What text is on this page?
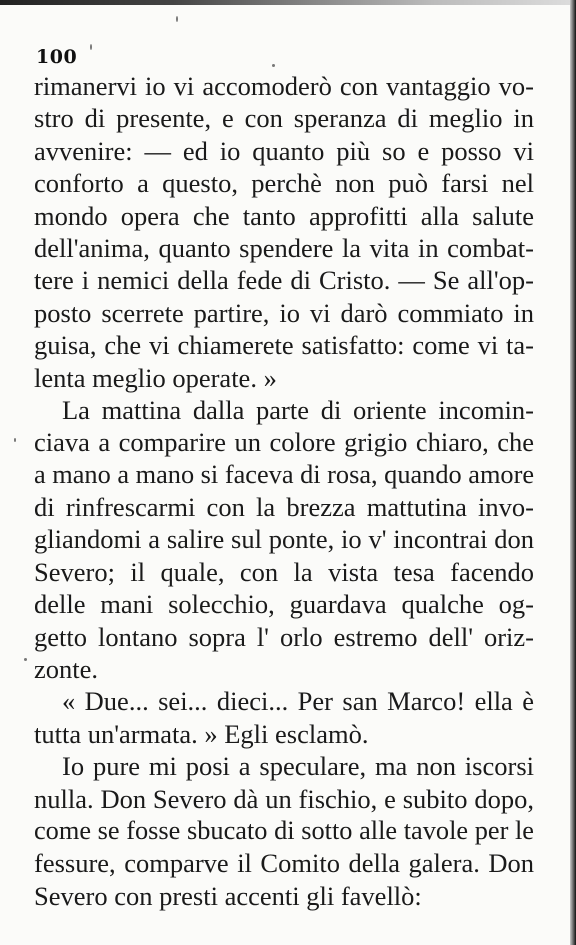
100
rimanervi io vi accomoderò con vantaggio vo-
stro di presente, e con speranza di meglio in
avvenire: — ed io quanto più so e posso vi
conforto a questo, perchè non può farsi nel
mondo opera che tanto approfitti alla salute
dell'anima, quanto spendere la vita in combat-
tere i nemici della fede di Cristo. — Se all'op-
posto scerrete partire, io vi darò commiato in
guisa, che vi chiamerete satisfatto: come vi ta-
lenta meglio operate. »
La mattina dalla parte di oriente incomin-
ciava a comparire un colore grigio chiaro, che
a mano a mano si faceva di rosa, quando amore
di rinfrescarmi con la brezza mattutina invo-
gliandomi a salire sul ponte, io v' incontrai don
Severo; il quale, con la vista tesa facendo
delle mani solecchio, guardava qualche og-
getto lontano sopra l' orlo estremo dell' oriz-
zonte.
« Due... sei... dieci... Per san Marco! ella è
tutta un'armata. » Egli esclamò.
Io pure mi posi a speculare, ma non iscorsi
nulla. Don Severo dà un fischio, e subito dopo,
come se fosse sbucato di sotto alle tavole per le
fessure, comparve il Comito della galera. Don
Severo con presti accenti gli favellò:
